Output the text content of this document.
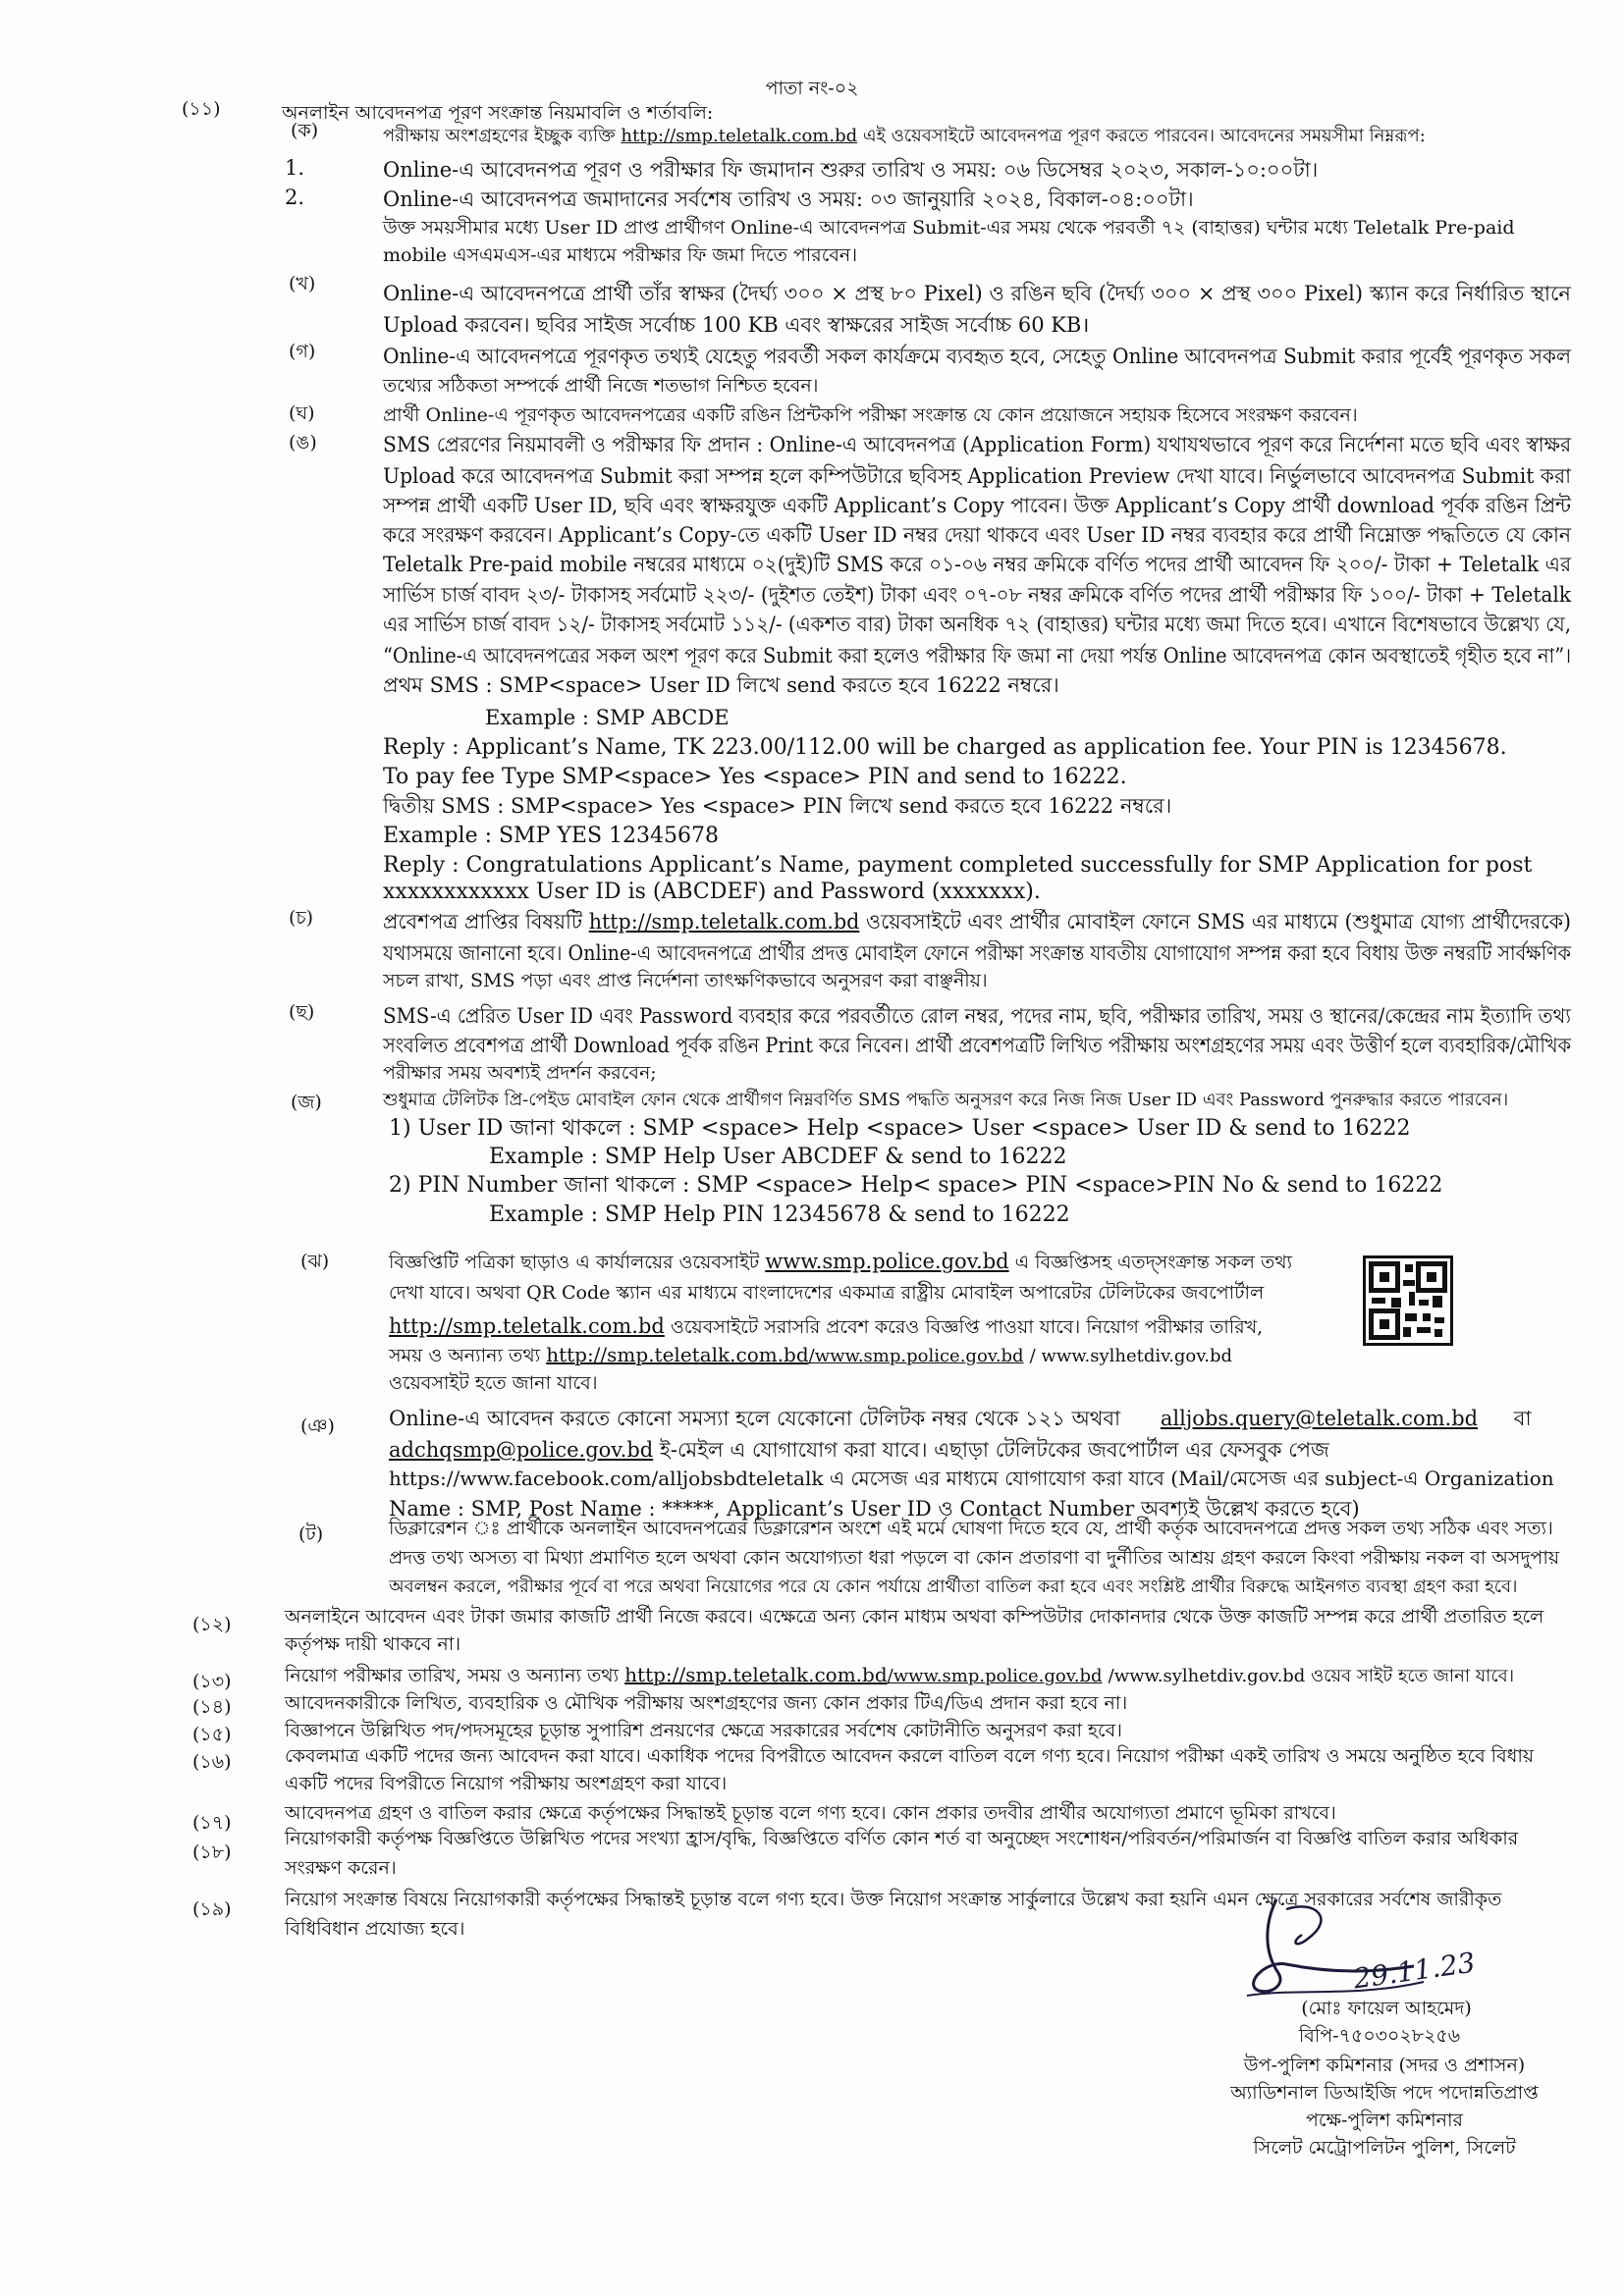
পাতা নং-০২
(১১)	অনলাইন আবেদনপত্র পূরণ সংক্রান্ত নিয়মাবলি ও শর্তাবলি:
(ক)	পরীক্ষায় অংশগ্রহণের ইচ্ছুক ব্যক্তি http://smp.teletalk.com.bd এই ওয়েবসাইটে আবেদনপত্র পূরণ করতে পারবেন। আবেদনের সময়সীমা নিম্নরূপ:
1.	Online-এ আবেদনপত্র পূরণ ও পরীক্ষার ফি জমাদান শুরুর তারিখ ও সময়: ০৬ ডিসেম্বর ২০২৩, সকাল-১০:০০টা।
2.	Online-এ আবেদনপত্র জমাদানের সর্বশেষ তারিখ ও সময়: ০৩ জানুয়ারি ২০২৪, বিকাল-০৪:০০টা।
উক্ত সময়সীমার মধ্যে User ID প্রাপ্ত প্রার্থীগণ Online-এ আবেদনপত্র Submit-এর সময় থেকে পরবর্তী ৭২ (বাহাত্তর) ঘন্টার মধ্যে Teletalk Pre-paid
mobile এসএমএস-এর মাধ্যমে পরীক্ষার ফি জমা দিতে পারবেন।
(খ)	Online-এ আবেদনপত্রে প্রার্থী তাঁর স্বাক্ষর (দৈর্ঘ্য ৩০০ × প্রস্থ ৮০ Pixel) ও রঙিন ছবি (দৈর্ঘ্য ৩০০ × প্রস্থ ৩০০ Pixel) স্ক্যান করে নির্ধারিত স্থানে
Upload করবেন। ছবির সাইজ সর্বোচ্চ 100 KB এবং স্বাক্ষরের সাইজ সর্বোচ্চ 60 KB।
(গ)	Online-এ আবেদনপত্রে পূরণকৃত তথ্যই যেহেতু পরবর্তী সকল কার্যক্রমে ব্যবহৃত হবে, সেহেতু Online আবেদনপত্র Submit করার পূর্বেই পূরণকৃত সকল
তথ্যের সঠিকতা সম্পর্কে প্রার্থী নিজে শতভাগ নিশ্চিত হবেন।
(ঘ)	প্রার্থী Online-এ পূরণকৃত আবেদনপত্রের একটি রঙিন প্রিন্টকপি পরীক্ষা সংক্রান্ত যে কোন প্রয়োজনে সহায়ক হিসেবে সংরক্ষণ করবেন।
(ঙ)	SMS প্রেরণের নিয়মাবলী ও পরীক্ষার ফি প্রদান : Online-এ আবেদনপত্র (Application Form) যথাযথভাবে পূরণ করে নির্দেশনা মতে ছবি এবং স্বাক্ষর
Upload করে আবেদনপত্র Submit করা সম্পন্ন হলে কম্পিউটারে ছবিসহ Application Preview দেখা যাবে। নির্ভুলভাবে আবেদনপত্র Submit করা
সম্পন্ন প্রার্থী একটি User ID, ছবি এবং স্বাক্ষরযুক্ত একটি Applicant’s Copy পাবেন। উক্ত Applicant’s Copy প্রার্থী download পূর্বক রঙিন প্রিন্ট
করে সংরক্ষণ করবেন। Applicant’s Copy-তে একটি User ID নম্বর দেয়া থাকবে এবং User ID নম্বর ব্যবহার করে প্রার্থী নিম্নোক্ত পদ্ধতিতে যে কোন
Teletalk Pre-paid mobile নম্বরের মাধ্যমে ০২(দুই)টি SMS করে ০১-০৬ নম্বর ক্রমিকে বর্ণিত পদের প্রার্থী আবেদন ফি ২০০/- টাকা + Teletalk এর
সার্ভিস চার্জ বাবদ ২৩/- টাকাসহ সর্বমোট ২২৩/- (দুইশত তেইশ) টাকা এবং ০৭-০৮ নম্বর ক্রমিকে বর্ণিত পদের প্রার্থী পরীক্ষার ফি ১০০/- টাকা + Teletalk
এর সার্ভিস চার্জ বাবদ ১২/- টাকাসহ সর্বমোট ১১২/- (একশত বার) টাকা অনধিক ৭২ (বাহাত্তর) ঘন্টার মধ্যে জমা দিতে হবে। এখানে বিশেষভাবে উল্লেখ্য যে,
“Online-এ আবেদনপত্রের সকল অংশ পূরণ করে Submit করা হলেও পরীক্ষার ফি জমা না দেয়া পর্যন্ত Online আবেদনপত্র কোন অবস্থাতেই গৃহীত হবে না”।
প্রথম SMS : SMP<space> User ID লিখে send করতে হবে 16222 নম্বরে।
Example : SMP ABCDE
Reply : Applicant’s Name, TK 223.00/112.00 will be charged as application fee. Your PIN is 12345678.
To pay fee Type SMP<space> Yes <space> PIN and send to 16222.
দ্বিতীয় SMS : SMP<space> Yes <space> PIN লিখে send করতে হবে 16222 নম্বরে।
Example : SMP YES 12345678
Reply : Congratulations Applicant’s Name, payment completed successfully for SMP Application for post
xxxxxxxxxxxx User ID is (ABCDEF) and Password (xxxxxxx).
(চ)	প্রবেশপত্র প্রাপ্তির বিষয়টি http://smp.teletalk.com.bd ওয়েবসাইটে এবং প্রার্থীর মোবাইল ফোনে SMS এর মাধ্যমে (শুধুমাত্র যোগ্য প্রার্থীদেরকে)
যথাসময়ে জানানো হবে। Online-এ আবেদনপত্রে প্রার্থীর প্রদত্ত মোবাইল ফোনে পরীক্ষা সংক্রান্ত যাবতীয় যোগাযোগ সম্পন্ন করা হবে বিধায় উক্ত নম্বরটি সার্বক্ষণিক
সচল রাখা, SMS পড়া এবং প্রাপ্ত নির্দেশনা তাৎক্ষণিকভাবে অনুসরণ করা বাঞ্ছনীয়।
(ছ)	SMS-এ প্রেরিত User ID এবং Password ব্যবহার করে পরবর্তীতে রোল নম্বর, পদের নাম, ছবি, পরীক্ষার তারিখ, সময় ও স্থানের/কেন্দ্রের নাম ইত্যাদি তথ্য
সংবলিত প্রবেশপত্র প্রার্থী Download পূর্বক রঙিন Print করে নিবেন। প্রার্থী প্রবেশপত্রটি লিখিত পরীক্ষায় অংশগ্রহণের সময় এবং উত্তীর্ণ হলে ব্যবহারিক/মৌখিক
পরীক্ষার সময় অবশ্যই প্রদর্শন করবেন;
(জ)	শুধুমাত্র টেলিটক প্রি-পেইড মোবাইল ফোন থেকে প্রার্থীগণ নিম্নবর্ণিত SMS পদ্ধতি অনুসরণ করে নিজ নিজ User ID এবং Password পুনরুদ্ধার করতে পারবেন।
1) User ID জানা থাকলে : SMP <space> Help <space> User <space> User ID & send to 16222
Example : SMP Help User ABCDEF & send to 16222
2) PIN Number জানা থাকলে : SMP <space> Help< space> PIN <space>PIN No & send to 16222
Example : SMP Help PIN 12345678 & send to 16222
(ঝ)	বিজ্ঞপ্তিটি পত্রিকা ছাড়াও এ কার্যালয়ের ওয়েবসাইট www.smp.police.gov.bd এ বিজ্ঞপ্তিসহ এতদ্‌সংক্রান্ত সকল তথ্য
দেখা যাবে। অথবা QR Code স্ক্যান এর মাধ্যমে বাংলাদেশের একমাত্র রাষ্ট্রীয় মোবাইল অপারেটর টেলিটকের জবপোর্টাল
http://smp.teletalk.com.bd ওয়েবসাইটে সরাসরি প্রবেশ করেও বিজ্ঞপ্তি পাওয়া যাবে। নিয়োগ পরীক্ষার তারিখ,
সময় ও অন্যান্য তথ্য http://smp.teletalk.com.bd/www.smp.police.gov.bd / www.sylhetdiv.gov.bd
ওয়েবসাইট হতে জানা যাবে।
(ঞ)	Online-এ আবেদন করতে কোনো সমস্যা হলে যেকোনো টেলিটক নম্বর থেকে ১২১ অথবা alljobs.query@teletalk.com.bd বা
adchqsmp@police.gov.bd ই-মেইল এ যোগাযোগ করা যাবে। এছাড়া টেলিটকের জবপোর্টাল এর ফেসবুক পেজ
https://www.facebook.com/alljobsbdteletalk এ মেসেজ এর মাধ্যমে যোগাযোগ করা যাবে (Mail/মেসেজ এর subject-এ Organization
Name : SMP, Post Name : *****, Applicant’s User ID ও Contact Number অবশ্যই উল্লেখ করতে হবে)
(ট)	ডিক্লারেশন ঃ প্রার্থীকে অনলাইন আবেদনপত্রের ডিক্লারেশন অংশে এই মর্মে ঘোষণা দিতে হবে যে, প্রার্থী কর্তৃক আবেদনপত্রে প্রদত্ত সকল তথ্য সঠিক এবং সত্য।
প্রদত্ত তথ্য অসত্য বা মিথ্যা প্রমাণিত হলে অথবা কোন অযোগ্যতা ধরা পড়লে বা কোন প্রতারণা বা দুর্নীতির আশ্রয় গ্রহণ করলে কিংবা পরীক্ষায় নকল বা অসদুপায়
অবলম্বন করলে, পরীক্ষার পূর্বে বা পরে অথবা নিয়োগের পরে যে কোন পর্যায়ে প্রার্থীতা বাতিল করা হবে এবং সংশ্লিষ্ট প্রার্থীর বিরুদ্ধে আইনগত ব্যবস্থা গ্রহণ করা হবে।
(১২)	অনলাইনে আবেদন এবং টাকা জমার কাজটি প্রার্থী নিজে করবে। এক্ষেত্রে অন্য কোন মাধ্যম অথবা কম্পিউটার দোকানদার থেকে উক্ত কাজটি সম্পন্ন করে প্রার্থী প্রতারিত হলে
কর্তৃপক্ষ দায়ী থাকবে না।
(১৩)	নিয়োগ পরীক্ষার তারিখ, সময় ও অন্যান্য তথ্য http://smp.teletalk.com.bd/www.smp.police.gov.bd /www.sylhetdiv.gov.bd ওয়েব সাইট হতে জানা যাবে।
(১৪)	আবেদনকারীকে লিখিত, ব্যবহারিক ও মৌখিক পরীক্ষায় অংশগ্রহণের জন্য কোন প্রকার টিএ/ডিএ প্রদান করা হবে না।
(১৫)	বিজ্ঞাপনে উল্লিখিত পদ/পদসমূহের চূড়ান্ত সুপারিশ প্রনয়ণের ক্ষেত্রে সরকারের সর্বশেষ কোটানীতি অনুসরণ করা হবে।
(১৬)	কেবলমাত্র একটি পদের জন্য আবেদন করা যাবে। একাধিক পদের বিপরীতে আবেদন করলে বাতিল বলে গণ্য হবে। নিয়োগ পরীক্ষা একই তারিখ ও সময়ে অনুষ্ঠিত হবে বিধায়
একটি পদের বিপরীতে নিয়োগ পরীক্ষায় অংশগ্রহণ করা যাবে।
(১৭)	আবেদনপত্র গ্রহণ ও বাতিল করার ক্ষেত্রে কর্তৃপক্ষের সিদ্ধান্তই চূড়ান্ত বলে গণ্য হবে। কোন প্রকার তদবীর প্রার্থীর অযোগ্যতা প্রমাণে ভূমিকা রাখবে।
(১৮)
নিয়োগকারী কর্তৃপক্ষ বিজ্ঞপ্তিতে উল্লিখিত পদের সংখ্যা হ্রাস/বৃদ্ধি, বিজ্ঞপ্তিতে বর্ণিত কোন শর্ত বা অনুচ্ছেদ সংশোধন/পরিবর্তন/পরিমার্জন বা বিজ্ঞপ্তি বাতিল করার অধিকার
সংরক্ষণ করেন।
(১৯)	নিয়োগ সংক্রান্ত বিষয়ে নিয়োগকারী কর্তৃপক্ষের সিদ্ধান্তই চূড়ান্ত বলে গণ্য হবে। উক্ত নিয়োগ সংক্রান্ত সার্কুলারে উল্লেখ করা হয়নি এমন ক্ষেত্রে সরকারের সর্বশেষ জারীকৃত
বিধিবিধান প্রযোজ্য হবে।
29.11.23
(মোঃ ফায়েল আহমেদ)
বিপি-৭৫০৩০২৮২৫৬
উপ-পুলিশ কমিশনার (সদর ও প্রশাসন)
অ্যাডিশনাল ডিআইজি পদে পদোন্নতিপ্রাপ্ত
পক্ষে-পুলিশ কমিশনার
সিলেট মেট্রোপলিটন পুলিশ, সিলেট
